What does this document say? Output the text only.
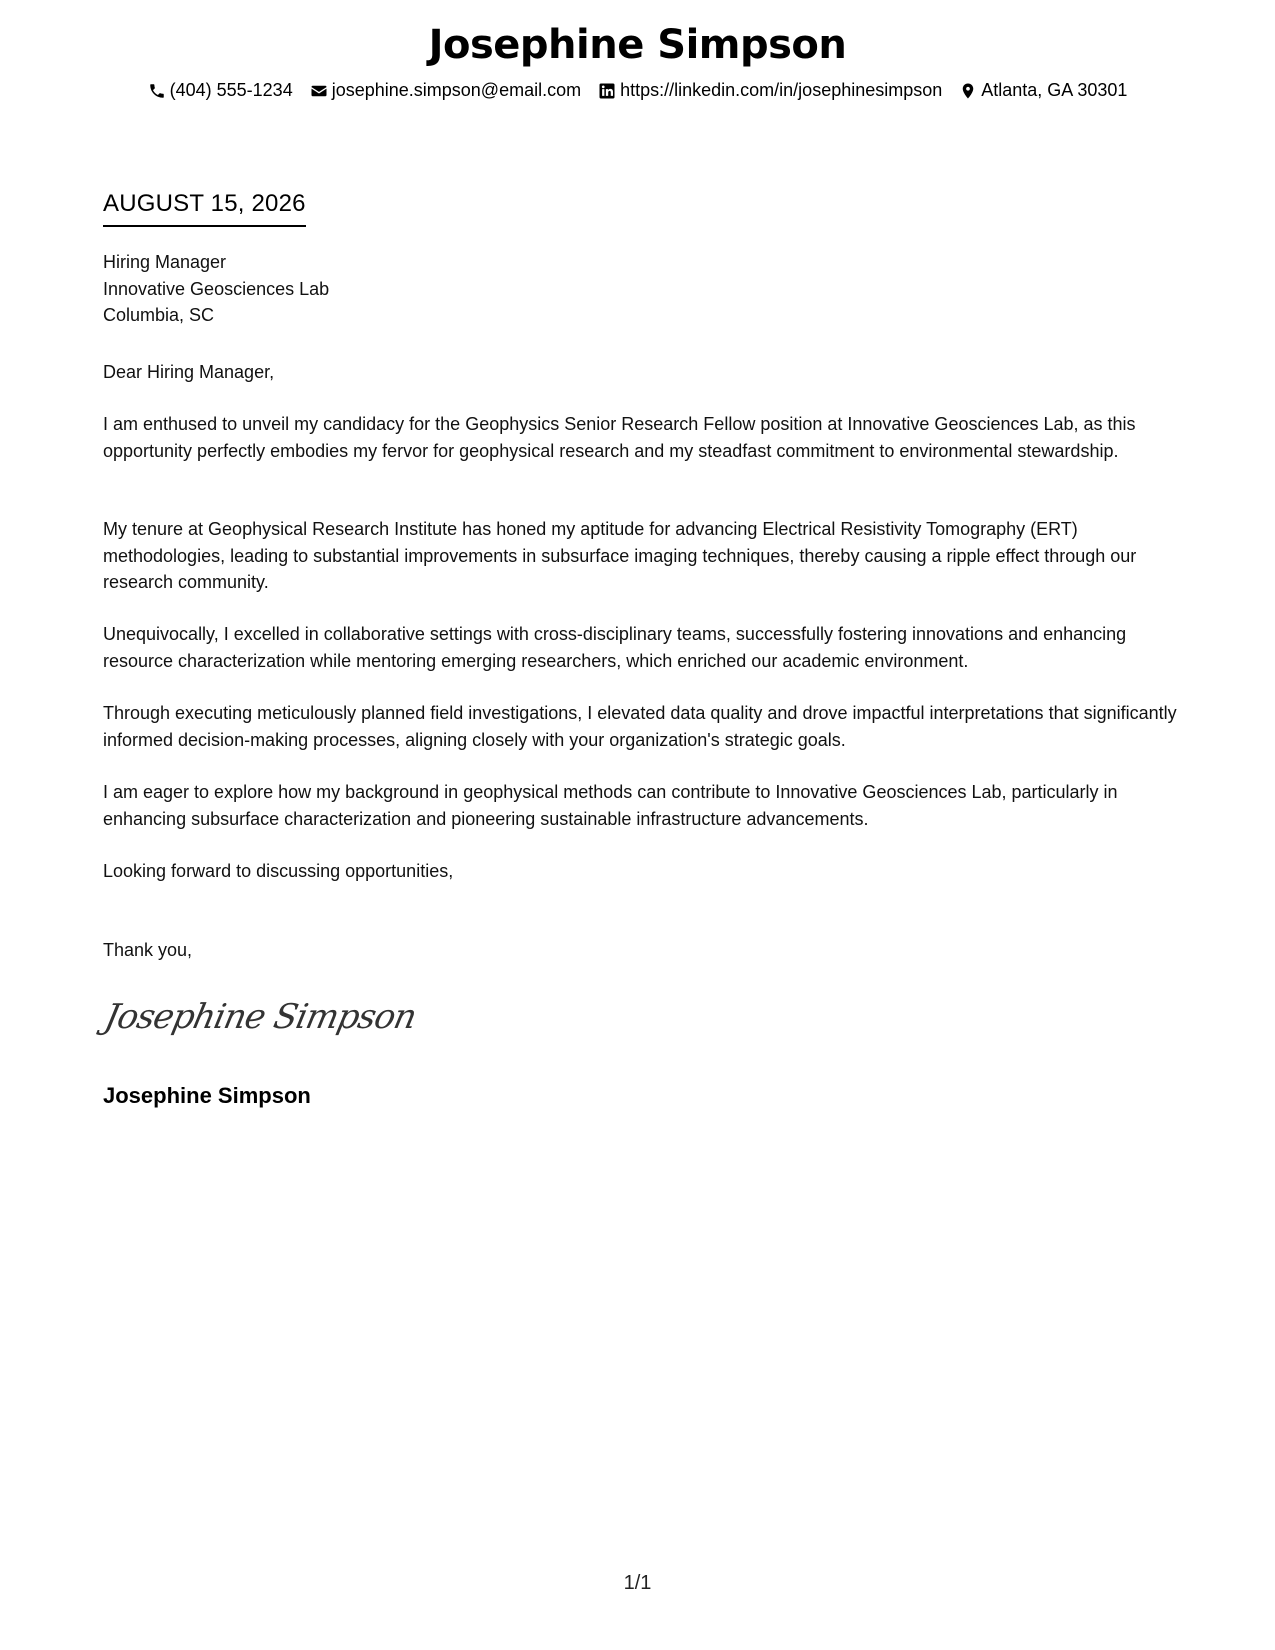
Josephine Simpson
(404) 555-1234 josephine.simpson@email.com https://linkedin.com/in/josephinesimpson Atlanta, GA 30301
AUGUST 15, 2026
Hiring Manager
Innovative Geosciences Lab
Columbia, SC
Dear Hiring Manager,
I am enthused to unveil my candidacy for the Geophysics Senior Research Fellow position at Innovative Geosciences Lab, as this opportunity perfectly embodies my fervor for geophysical research and my steadfast commitment to environmental stewardship.
My tenure at Geophysical Research Institute has honed my aptitude for advancing Electrical Resistivity Tomography (ERT) methodologies, leading to substantial improvements in subsurface imaging techniques, thereby causing a ripple effect through our research community.
Unequivocally, I excelled in collaborative settings with cross-disciplinary teams, successfully fostering innovations and enhancing resource characterization while mentoring emerging researchers, which enriched our academic environment.
Through executing meticulously planned field investigations, I elevated data quality and drove impactful interpretations that significantly informed decision-making processes, aligning closely with your organization's strategic goals.
I am eager to explore how my background in geophysical methods can contribute to Innovative Geosciences Lab, particularly in enhancing subsurface characterization and pioneering sustainable infrastructure advancements.
Looking forward to discussing opportunities,
Thank you,
Josephine Simpson
Josephine Simpson
1/1
